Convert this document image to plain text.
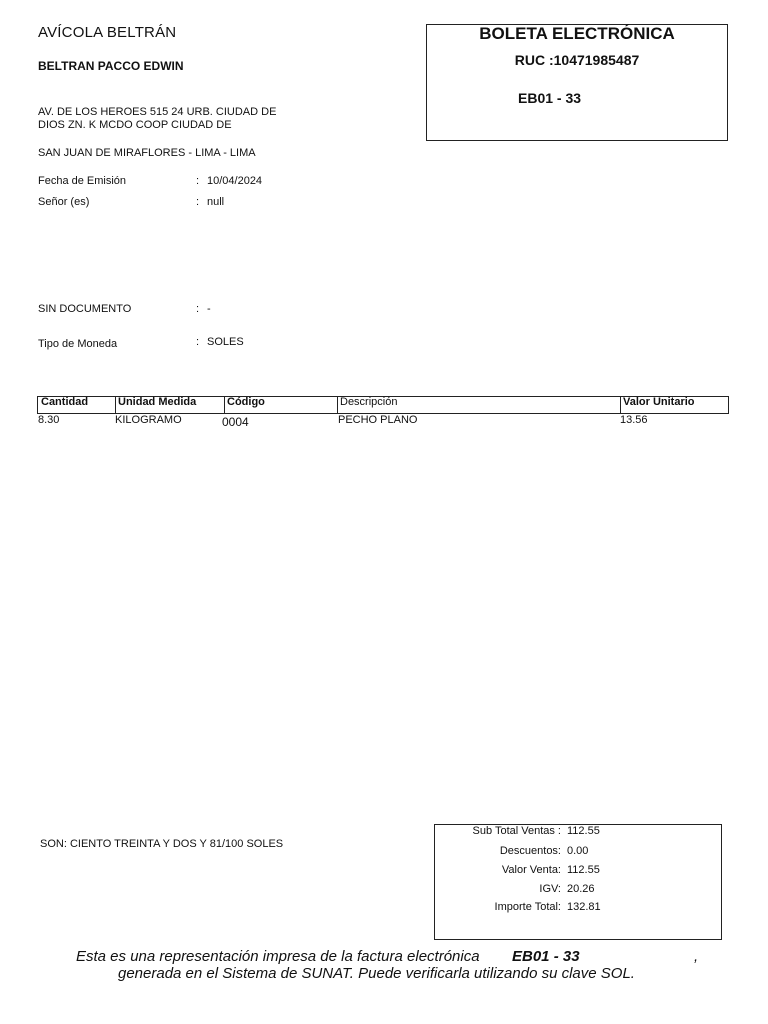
AVÍCOLA BELTRÁN
BELTRAN PACCO EDWIN
AV. DE LOS HEROES 515 24 URB. CIUDAD DE DIOS ZN. K MCDO COOP CIUDAD DE
SAN JUAN DE MIRAFLORES - LIMA - LIMA
BOLETA ELECTRÓNICA
RUC :10471985487
EB01 - 33
Fecha de Emisión	: 10/04/2024
Señor (es)	: null
SIN DOCUMENTO	: -
Tipo de Moneda	: SOLES
Cantidad	Unidad Medida	Código	Descripción	Valor Unitario
8.30	KILOGRAMO	0004	PECHO PLANO	13.56
SON: CIENTO TREINTA Y DOS Y 81/100 SOLES
Sub Total Ventas : 112.55
Descuentos: 0.00
Valor Venta: 112.55
IGV: 20.26
Importe Total: 132.81
Esta es una representación impresa de la factura electrónica EB01 - 33	,
generada en el Sistema de SUNAT. Puede verificarla utilizando su clave SOL.
